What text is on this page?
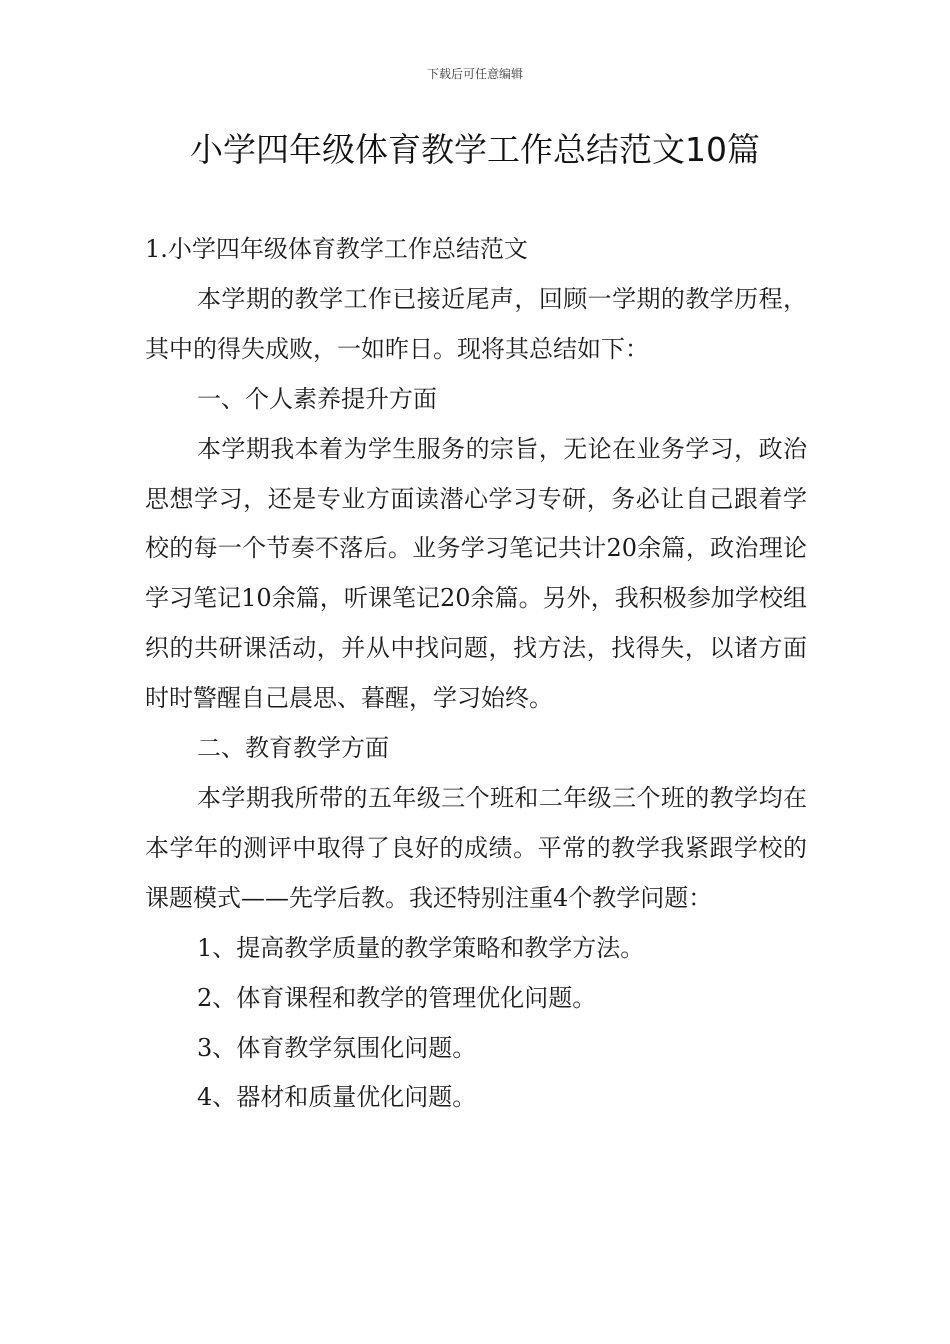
下载后可任意编辑
小学四年级体育教学工作总结范文10篇

1.小学四年级体育教学工作总结范文

本学期的教学工作已接近尾声，回顾一学期的教学历程，其中的得失成败，一如昨日。现将其总结如下：

一、个人素养提升方面

本学期我本着为学生服务的宗旨，无论在业务学习，政治思想学习，还是专业方面读潜心学习专研，务必让自己跟着学校的每一个节奏不落后。业务学习笔记共计20余篇，政治理论学习笔记10余篇，听课笔记20余篇。另外，我积极参加学校组织的共研课活动，并从中找问题，找方法，找得失，以诸方面时时警醒自己晨思、暮醒，学习始终。

二、教育教学方面

本学期我所带的五年级三个班和二年级三个班的教学均在本学年的测评中取得了良好的成绩。平常的教学我紧跟学校的课题模式——先学后教。我还特别注重4个教学问题：

1、提高教学质量的教学策略和教学方法。

2、体育课程和教学的管理优化问题。

3、体育教学氛围化问题。

4、器材和质量优化问题。
